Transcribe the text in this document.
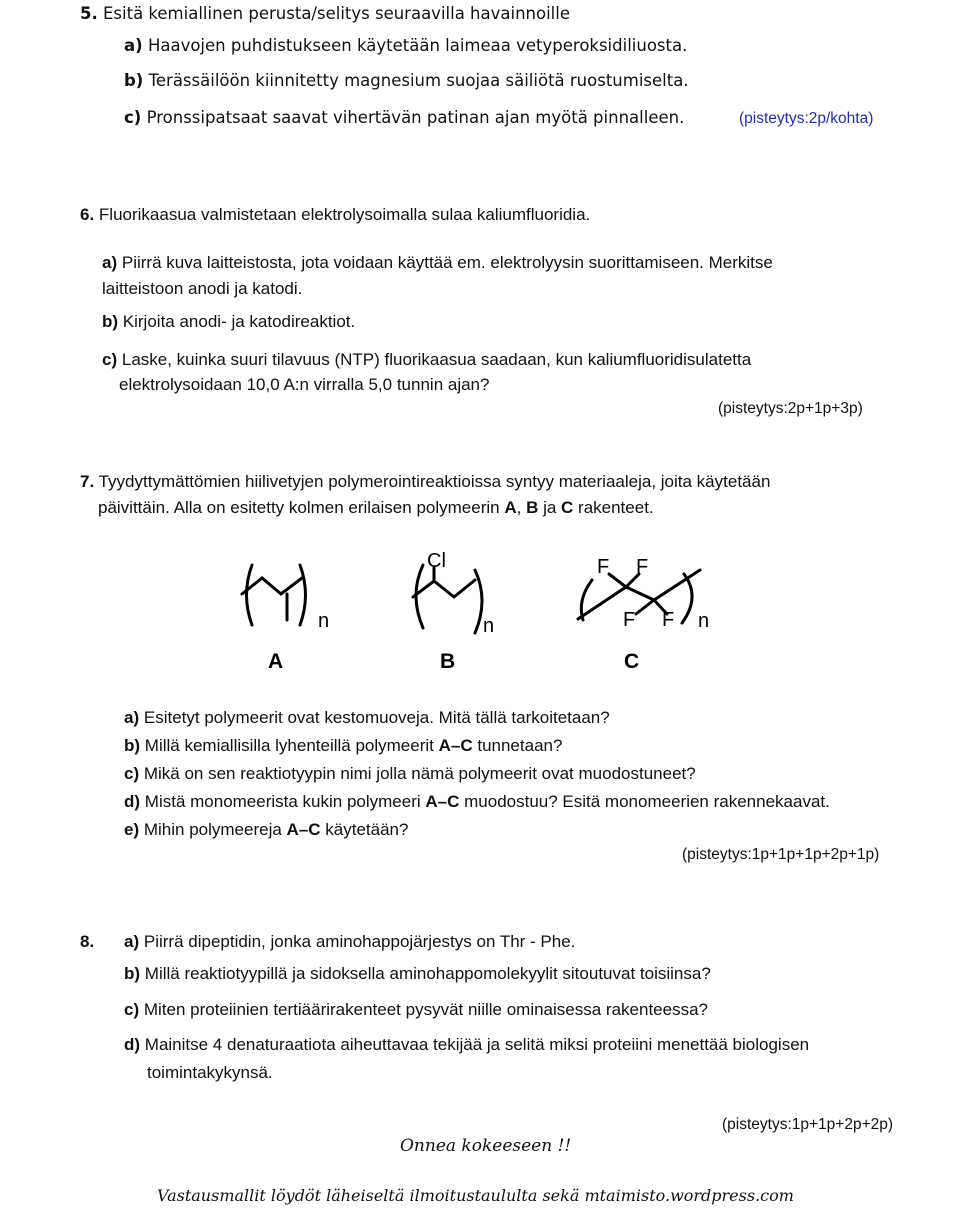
5. Esitä kemiallinen perusta/selitys seuraavilla havainnoille
a) Haavojen puhdistukseen käytetään laimeaa vetyperoksidiliuosta.
b) Terässäilöön kiinnitetty magnesium suojaa säiliötä ruostumiselta.
c) Pronssipatsaat saavat vihertävän patinan ajan myötä pinnalleen.	(pisteytys:2p/kohta)
6. Fluorikaasua valmistetaan elektrolysoimalla sulaa kaliumfluoridia.
a) Piirrä kuva laitteistosta, jota voidaan käyttää em. elektrolyysin suorittamiseen. Merkitse
laitteistoon anodi ja katodi.
b) Kirjoita anodi- ja katodireaktiot.
c) Laske, kuinka suuri tilavuus (NTP) fluorikaasua saadaan, kun kaliumfluoridisulatetta
elektrolysoidaan 10,0 A:n virralla 5,0 tunnin ajan?
(pisteytys:2p+1p+3p)
7. Tyydyttymättömien hiilivetyjen polymerointireaktioissa syntyy materiaaleja, joita käytetään
päivittäin. Alla on esitetty kolmen erilaisen polymeerin A, B ja C rakenteet.
n
A
Cl
n
B
F F
F F n
C
a) Esitetyt polymeerit ovat kestomuoveja. Mitä tällä tarkoitetaan?
b) Millä kemiallisilla lyhenteillä polymeerit A–C tunnetaan?
c) Mikä on sen reaktiotyypin nimi jolla nämä polymeerit ovat muodostuneet?
d) Mistä monomeerista kukin polymeeri A–C muodostuu? Esitä monomeerien rakennekaavat.
e) Mihin polymeereja A–C käytetään?
(pisteytys:1p+1p+1p+2p+1p)
8. a) Piirrä dipeptidin, jonka aminohappojärjestys on Thr - Phe.
b) Millä reaktiotyypillä ja sidoksella aminohappomolekyylit sitoutuvat toisiinsa?
c) Miten proteiinien tertiäärirakenteet pysyvät niille ominaisessa rakenteessa?
d) Mainitse 4 denaturaatiota aiheuttavaa tekijää ja selitä miksi proteiini menettää biologisen
toimintakykynsä.
(pisteytys:1p+1p+2p+2p)
Onnea kokeeseen !!
Vastausmallit löydöt läheiseltä ilmoitustaululta sekä mtaimisto.wordpress.com
